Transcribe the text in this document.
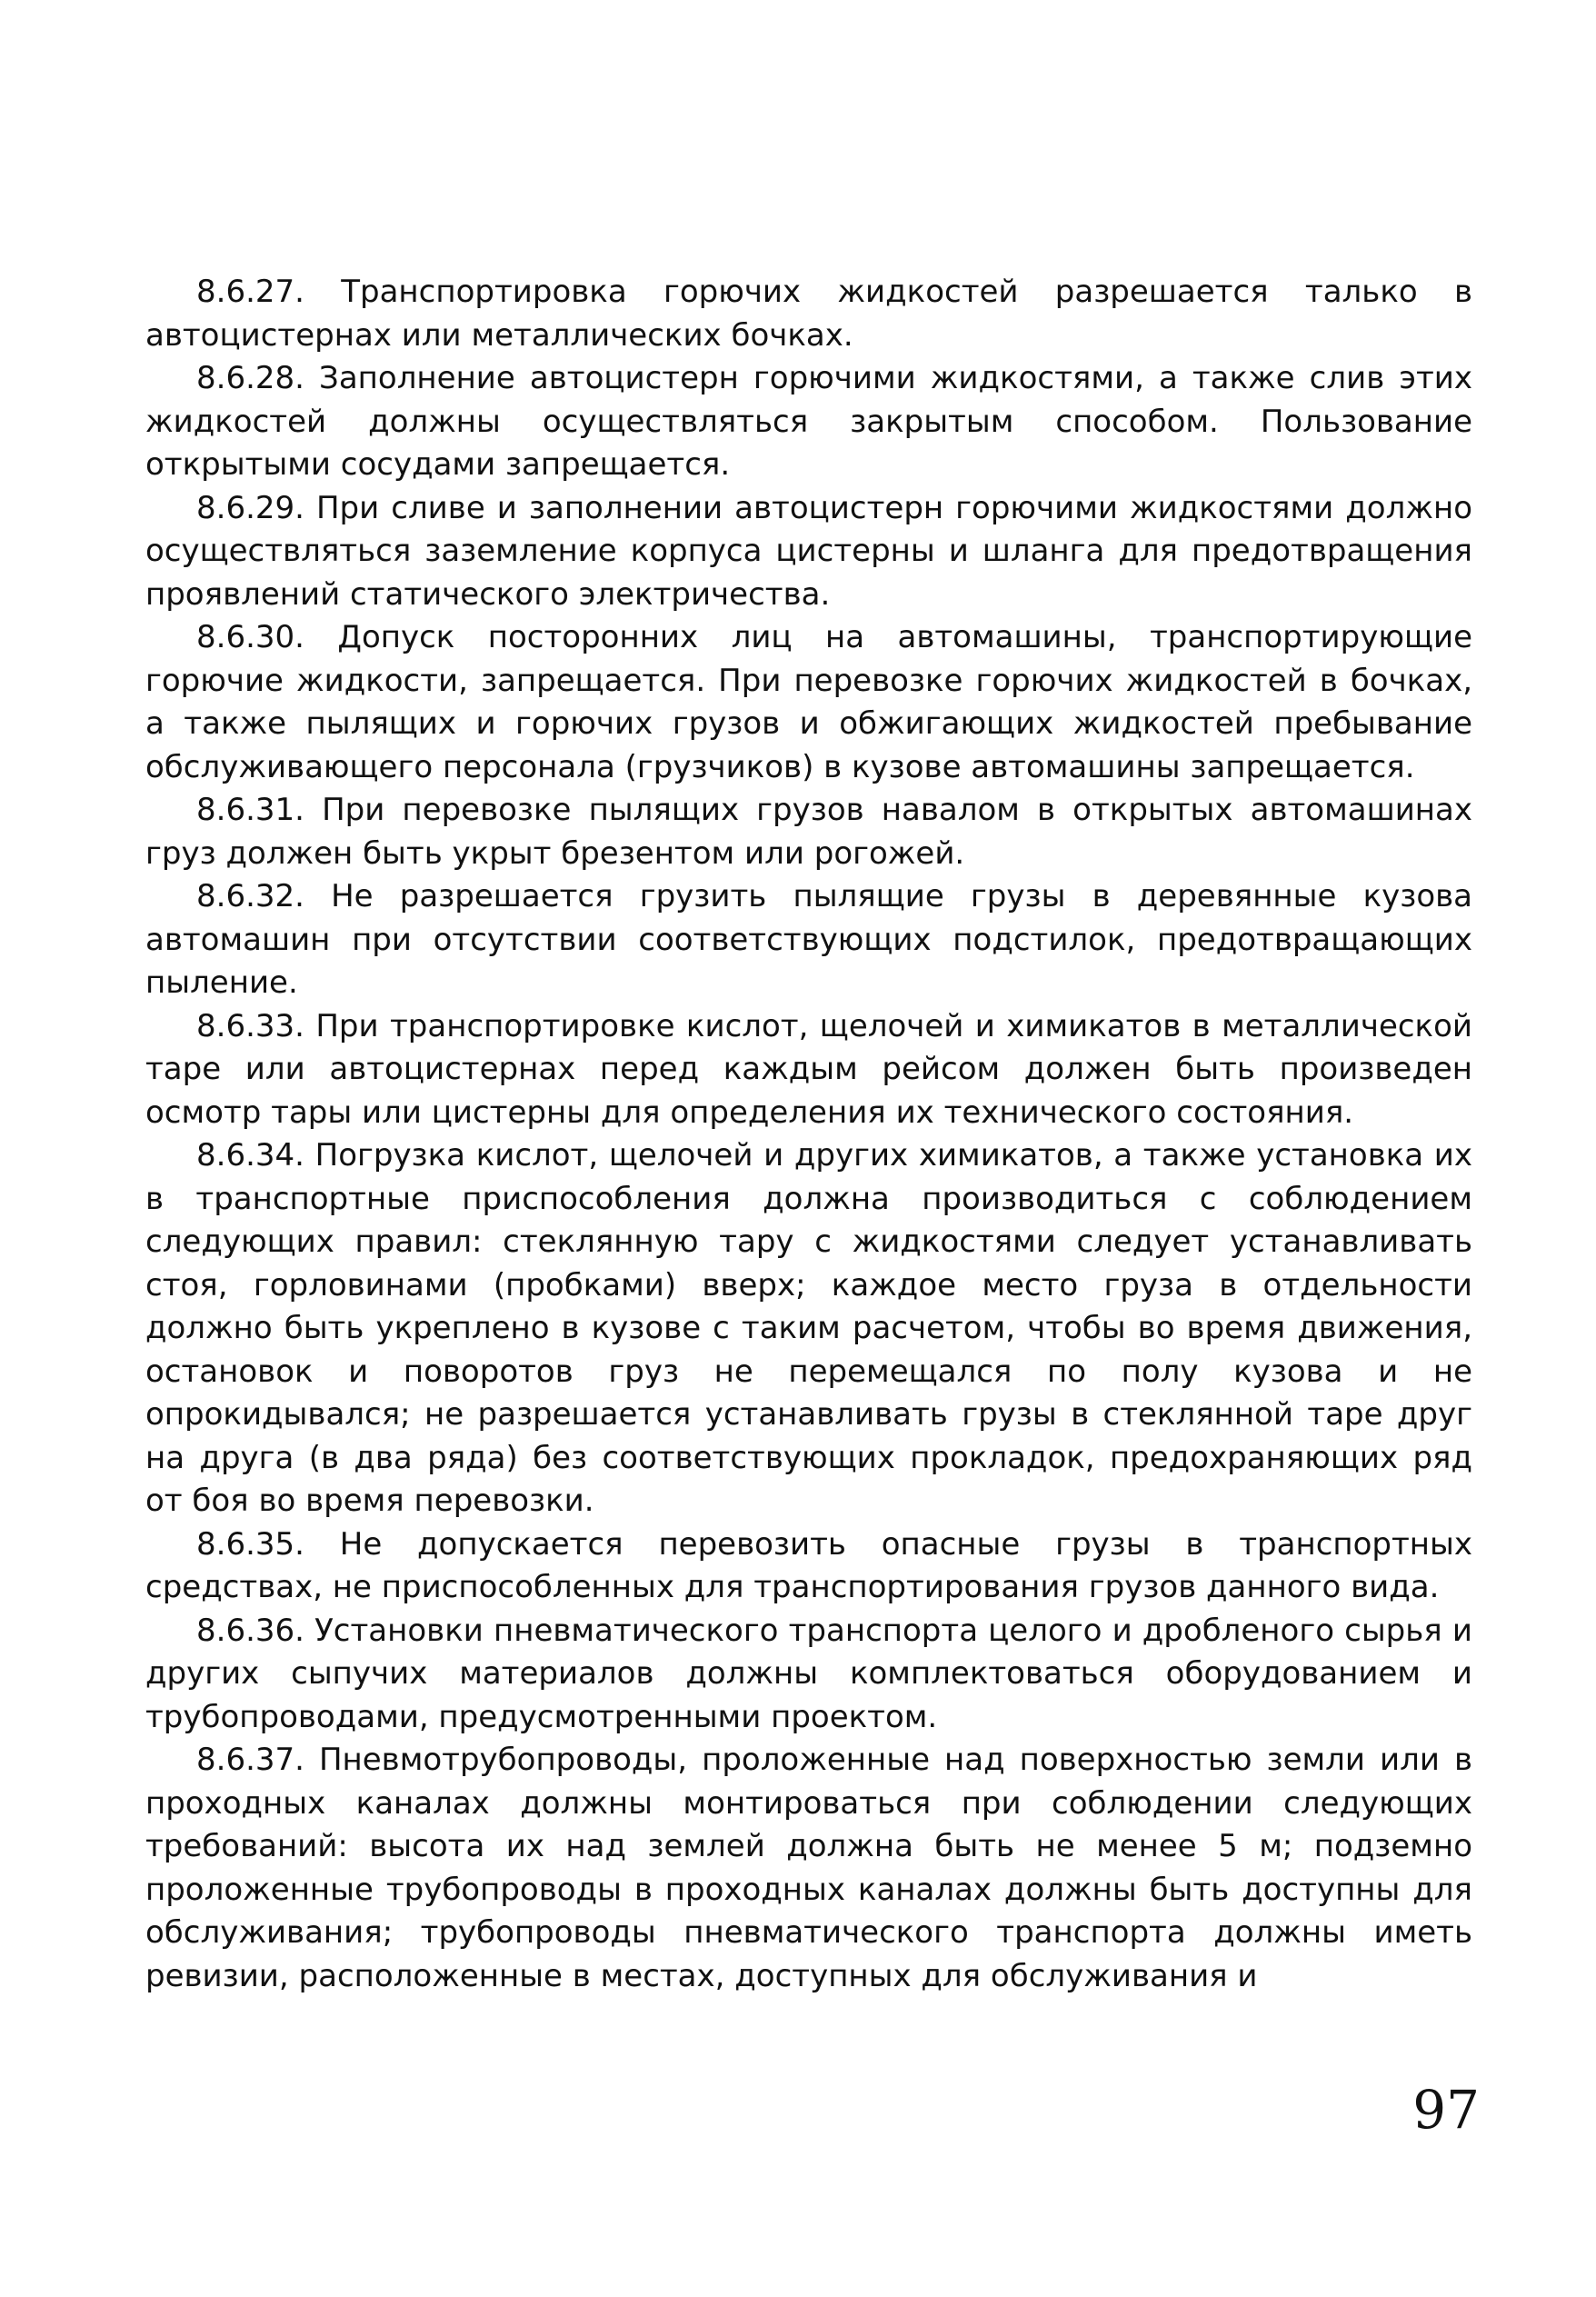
8.6.27. Транспортировка горючих жидкостей разрешается талько в автоцистернах или металлических бочках.

8.6.28. Заполнение автоцистерн горючими жидкостями, а также слив этих жидкостей должны осуществляться закрытым способом. Пользование открытыми сосудами запрещается.

8.6.29. При сливе и заполнении автоцистерн горючими жидкостями должно осуществляться заземление корпуса цистерны и шланга для предотвращения проявлений статического электричества.

8.6.30. Допуск посторонних лиц на автомашины, транспортирующие горючие жидкости, запрещается. При перевозке горючих жидкостей в бочках, а также пылящих и горючих грузов и обжигающих жидкостей пребывание обслуживающего персонала (грузчиков) в кузове автомашины запрещается.

8.6.31. При перевозке пылящих грузов навалом в открытых автомашинах груз должен быть укрыт брезентом или рогожей.

8.6.32. Не разрешается грузить пылящие грузы в деревянные кузова автомашин при отсутствии соответствующих подстилок, предотвращающих пыление.

8.6.33. При транспортировке кислот, щелочей и химикатов в металлической таре или автоцистернах перед каждым рейсом должен быть произведен осмотр тары или цистерны для определения их технического состояния.

8.6.34. Погрузка кислот, щелочей и других химикатов, а также установка их в транспортные приспособления должна производиться с соблюдением следующих правил: стеклянную тару с жидкостями следует устанавливать стоя, горловинами (пробками) вверх; каждое место груза в отдельности должно быть укреплено в кузове с таким расчетом, чтобы во время движения, остановок и поворотов груз не перемещался по полу кузова и не опрокидывался; не разрешается устанавливать грузы в стеклянной таре друг на друга (в два ряда) без соответствующих прокладок, предохраняющих ряд от боя во время перевозки.

8.6.35. Не допускается перевозить опасные грузы в транспортных средствах, не приспособленных для транспортирования грузов данного вида.

8.6.36. Установки пневматического транспорта целого и дробленого сырья и других сыпучих материалов должны комплектоваться оборудованием и трубопроводами, предусмотренными проектом.

8.6.37. Пневмотрубопроводы, проложенные над поверхностью земли или в проходных каналах должны монтироваться при соблюдении следующих требований: высота их над землей должна быть не менее 5 м; подземно проложенные трубопроводы в проходных каналах должны быть доступны для обслуживания; трубопроводы пневматического транспорта должны иметь ревизии, расположенные в местах, доступных для обслуживания и

97
